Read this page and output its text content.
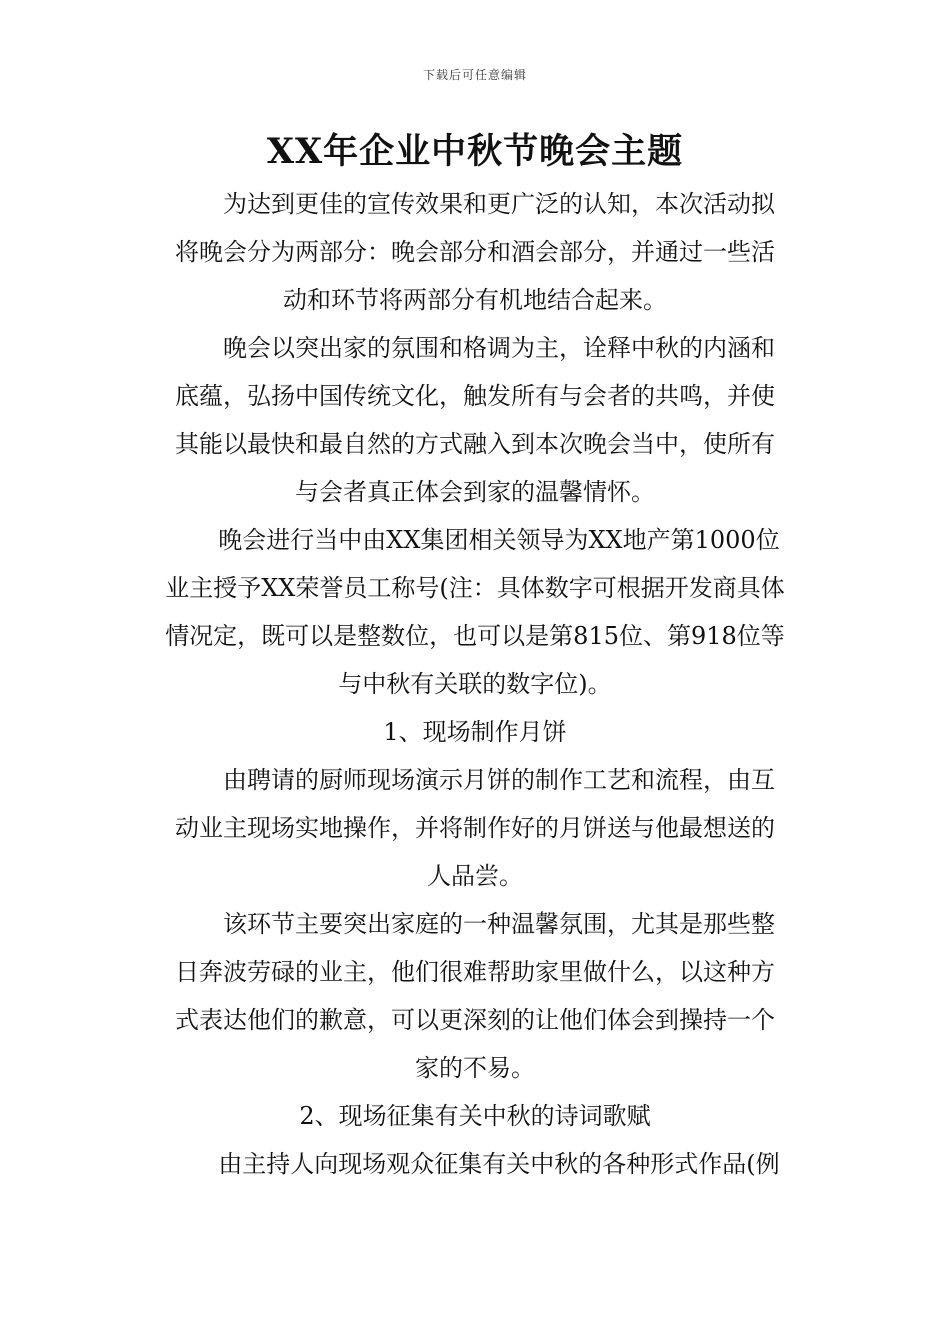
下载后可任意编辑
XX年企业中秋节晚会主题
为达到更佳的宣传效果和更广泛的认知，本次活动拟
将晚会分为两部分：晚会部分和酒会部分，并通过一些活
动和环节将两部分有机地结合起来。
晚会以突出家的氛围和格调为主，诠释中秋的内涵和
底蕴，弘扬中国传统文化，触发所有与会者的共鸣，并使
其能以最快和最自然的方式融入到本次晚会当中，使所有
与会者真正体会到家的温馨情怀。
晚会进行当中由XX集团相关领导为XX地产第1000位
业主授予XX荣誉员工称号(注：具体数字可根据开发商具体
情况定，既可以是整数位，也可以是第815位、第918位等
与中秋有关联的数字位)。
1、现场制作月饼
由聘请的厨师现场演示月饼的制作工艺和流程，由互
动业主现场实地操作，并将制作好的月饼送与他最想送的
人品尝。
该环节主要突出家庭的一种温馨氛围，尤其是那些整
日奔波劳碌的业主，他们很难帮助家里做什么，以这种方
式表达他们的歉意，可以更深刻的让他们体会到操持一个
家的不易。
2、现场征集有关中秋的诗词歌赋
由主持人向现场观众征集有关中秋的各种形式作品(例
